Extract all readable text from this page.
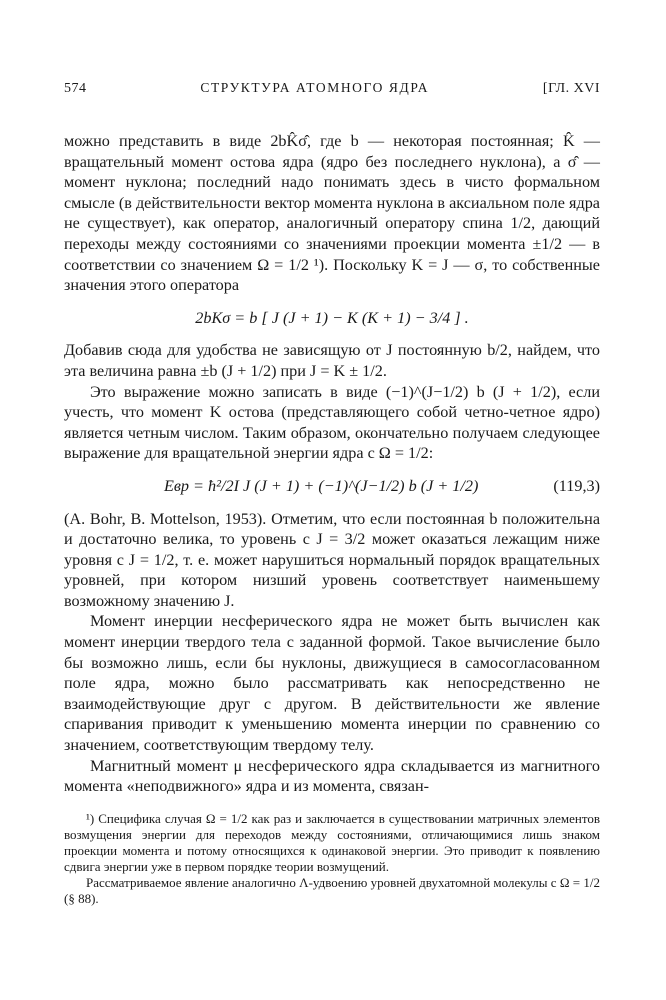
574	СТРУКТУРА АТОМНОГО ЯДРА	[ГЛ. XVI

можно представить в виде 2bK̂σ̂, где b — некоторая постоянная; K̂ — вращательный момент остова ядра (ядро без последнего нуклона), а σ̂ — момент нуклона; последний надо понимать здесь в чисто формальном смысле (в действительности вектор момента нуклона в аксиальном поле ядра не существует), как оператор, аналогичный оператору спина 1/2, дающий переходы между состояниями со значениями проекции момента ±1/2 — в соответствии со значением Ω = 1/2 ¹). Поскольку K = J — σ, то собственные значения этого оператора

2bKσ = b [ J (J + 1) − K (K + 1) − 3/4 ] .

Добавив сюда для удобства не зависящую от J постоянную b/2, найдем, что эта величина равна ±b (J + 1/2) при J = K ± 1/2.

Это выражение можно записать в виде (−1)^(J−1/2) b (J + 1/2), если учесть, что момент K остова (представляющего собой четно-четное ядро) является четным числом. Таким образом, окончательно получаем следующее выражение для вращательной энергии ядра с Ω = 1/2:

Eвр = ħ²/2I J (J + 1) + (−1)^(J−1/2) b (J + 1/2)	(119,3)

(A. Bohr, B. Mottelson, 1953). Отметим, что если постоянная b положительна и достаточно велика, то уровень с J = 3/2 может оказаться лежащим ниже уровня с J = 1/2, т. е. может нарушиться нормальный порядок вращательных уровней, при котором низший уровень соответствует наименьшему возможному значению J.

Момент инерции несферического ядра не может быть вычислен как момент инерции твердого тела с заданной формой. Такое вычисление было бы возможно лишь, если бы нуклоны, движущиеся в самосогласованном поле ядра, можно было рассматривать как непосредственно не взаимодействующие друг с другом. В действительности же явление спаривания приводит к уменьшению момента инерции по сравнению со значением, соответствующим твердому телу.

Магнитный момент μ несферического ядра складывается из магнитного момента «неподвижного» ядра и из момента, связан-

¹) Специфика случая Ω = 1/2 как раз и заключается в существовании матричных элементов возмущения энергии для переходов между состояниями, отличающимися лишь знаком проекции момента и потому относящихся к одинаковой энергии. Это приводит к появлению сдвига энергии уже в первом порядке теории возмущений.

Рассматриваемое явление аналогично Λ-удвоению уровней двухатомной молекулы с Ω = 1/2 (§ 88).
